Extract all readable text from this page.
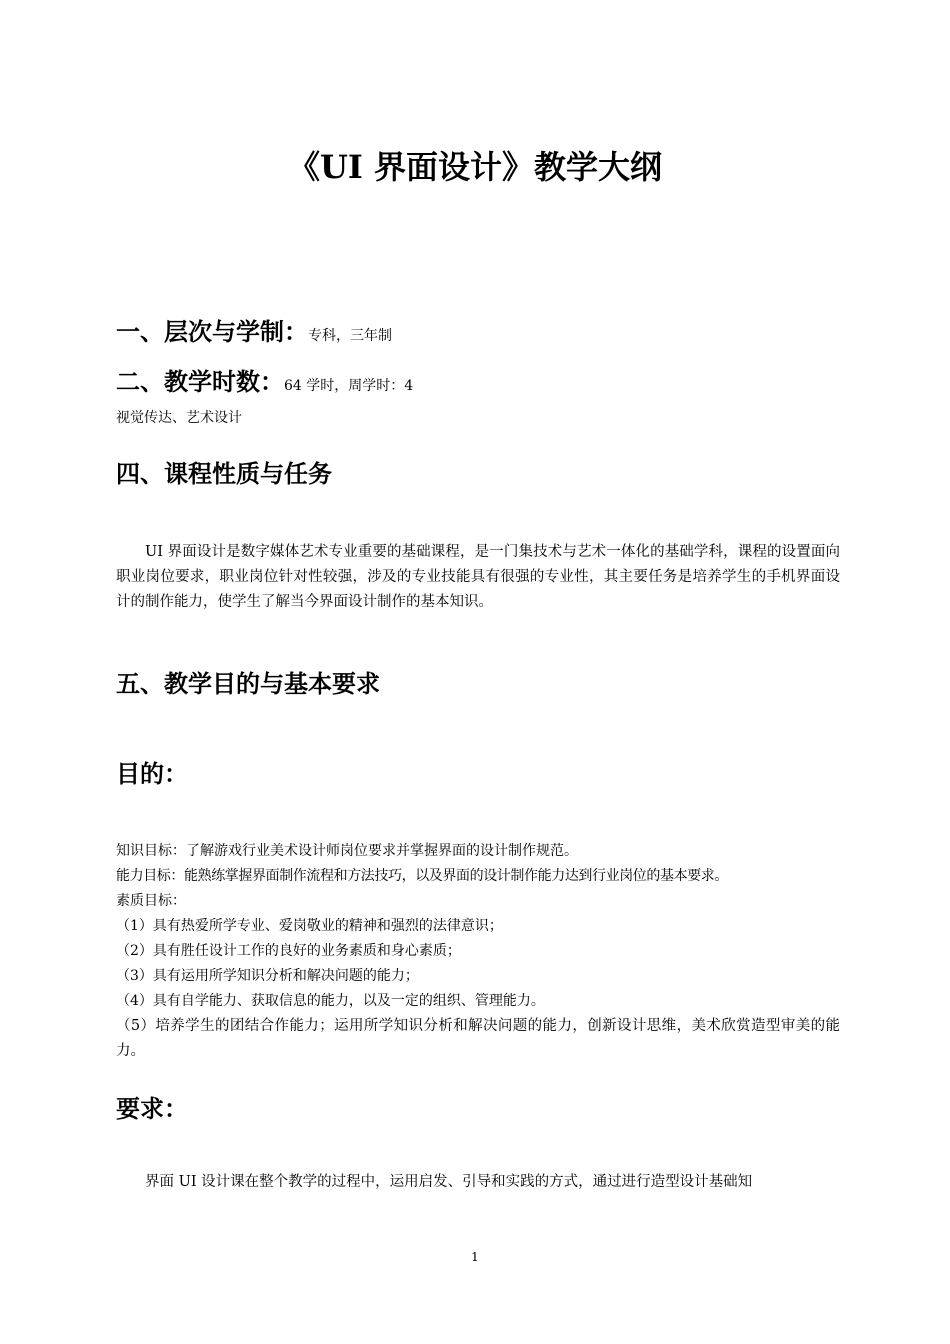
《UI 界面设计》教学大纲
一、层次与学制：专科，三年制
二、教学时数：64 学时，周学时：4

视觉传达、艺术设计

四、课程性质与任务

UI 界面设计是数字媒体艺术专业重要的基础课程，是一门集技术与艺术一体化的基础学科，课程的设置面向职业岗位要求，职业岗位针对性较强，涉及的专业技能具有很强的专业性，其主要任务是培养学生的手机界面设计的制作能力，使学生了解当今界面设计制作的基本知识。

五、教学目的与基本要求
目的：

知识目标：了解游戏行业美术设计师岗位要求并掌握界面的设计制作规范。

能力目标：能熟练掌握界面制作流程和方法技巧，以及界面的设计制作能力达到行业岗位的基本要求。

素质目标：

（1）具有热爱所学专业、爱岗敬业的精神和强烈的法律意识；

（2）具有胜任设计工作的良好的业务素质和身心素质；

（3）具有运用所学知识分析和解决问题的能力；

（4）具有自学能力、获取信息的能力，以及一定的组织、管理能力。

（5）培养学生的团结合作能力；运用所学知识分析和解决问题的能力，创新设计思维，美术欣赏造型审美的能力。

要求：

界面 UI 设计课在整个教学的过程中，运用启发、引导和实践的方式，通过进行造型设计基础知

1
